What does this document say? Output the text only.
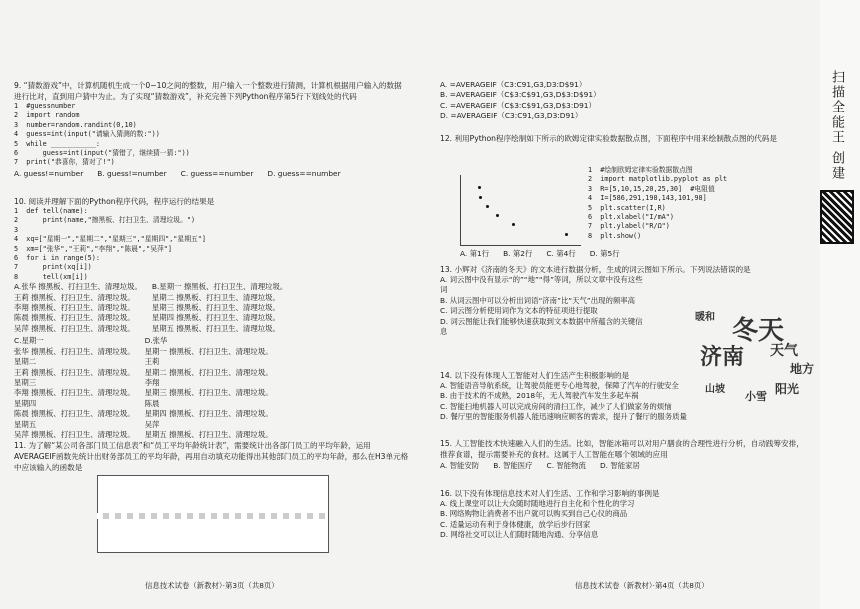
9. “猜数游戏”中，计算机随机生成一个0~10之间的整数，用户输入一个整数进行猜测，计算机根据用户输入的数据进行比对，直到用户猜中为止。为了实现“猜数游戏”，补充完善下列Python程序第5行下划线处的代码
1  #guessnumber
2  import random
3  number=random.randint(0,10)
4  guess=int(input("请输入猜测的数:"))
5  while ___________:
6      guess=int(input("猜错了，继续猜一猜:"))
7  print("恭喜你，猜对了!")
A. guess!=number B. guess!=number C. guess==number D. guess==number
10. 阅读并理解下面的Python程序代码，程序运行的结果是
1  def tell(name):
2      print(name,"擦黑板、打扫卫生、清理垃圾。")
3
4  xq=["星期一","星期二","星期三","星期四","星期五"]
5  xm=["张华","王莉","李翔","陈晨","吴萍"]
6  for i in range(5):
7      print(xq[i])
8      tell(xm[i])
A.张华 擦黑板、打扫卫生、清理垃圾。
王莉 擦黑板、打扫卫生、清理垃圾。
李翔 擦黑板、打扫卫生、清理垃圾。
陈晨 擦黑板、打扫卫生、清理垃圾。
吴萍 擦黑板、打扫卫生、清理垃圾。
B.星期一 擦黑板、打扫卫生、清理垃圾。
星期二 擦黑板、打扫卫生、清理垃圾。
星期三 擦黑板、打扫卫生、清理垃圾。
星期四 擦黑板、打扫卫生、清理垃圾。
星期五 擦黑板、打扫卫生、清理垃圾。
C.星期一
张华 擦黑板、打扫卫生、清理垃圾。
星期二
王莉 擦黑板、打扫卫生、清理垃圾。
星期三
李翔 擦黑板、打扫卫生、清理垃圾。
星期四
陈晨 擦黑板、打扫卫生、清理垃圾。
星期五
吴萍 擦黑板、打扫卫生、清理垃圾。
D.张华
星期一 擦黑板、打扫卫生、清理垃圾。
王莉
星期二 擦黑板、打扫卫生、清理垃圾。
李翔
星期三 擦黑板、打扫卫生、清理垃圾。
陈晨
星期四 擦黑板、打扫卫生、清理垃圾。
吴萍
星期五 擦黑板、打扫卫生、清理垃圾。
11. 为了解“某公司各部门员工信息表”和“员工平均年龄统计表”，需要统计出各部门员工的平均年龄，运用AVERAGEIF函数先统计出财务部员工的平均年龄，再用自动填充功能得出其他部门员工的平均年龄，那么在H3单元格中应该输入的函数是
信息技术试卷（新教材）·第3页（共8页）
A. =AVERAGEIF（C3:C91,G3,D3:D$91）
B. =AVERAGEIF（C$3:C$91,G3,D$3:D$91）
C. =AVERAGEIF（C$3:C$91,G3,D$3:D91）
D. =AVERAGEIF（C3:C91,G3,D3:D91）
12. 利用Python程序绘制如下所示的欧姆定律实验数据散点图，下面程序中用来绘制散点图的代码是
1  #绘制欧姆定律实验数据散点图
2  import matplotlib.pyplot as plt
3  R=[5,10,15,20,25,30]  #电阻值
4  I=[586,291,198,143,101,98]
5  plt.scatter(I,R)
6  plt.xlabel("I/mA")
7  plt.ylabel("R/Ω")
8  plt.show()
A. 第1行 B. 第2行 C. 第4行 D. 第5行
13. 小辉对《济南的冬天》的文本进行数据分析，生成的词云图如下所示。下列说法错误的是
A. 词云图中没有显示“的”“地”“得”等词，所以文章中没有这些词
B. 从词云图中可以分析出词语“济南”比“天气”出现的频率高
C. 词云图分析使用词作为文本的特征项进行提取
D. 词云图能让我们能够快速获取到文本数据中所蕴含的关键信息	冬天
济南 天气
阳光
地方
小雪
暖和
山坡
14. 以下没有体现人工智能对人们生活产生积极影响的是
A. 智能语音导航系统，让驾驶员能更专心地驾驶，保障了汽车的行驶安全
B. 由于技术的不成熟，2018年，无人驾驶汽车发生多起车祸
C. 智能扫地机器人可以完成房间的清扫工作，减少了人们做家务的烦恼
D. 餐厅里的智能服务机器人能迅速响应顾客的需求，提升了餐厅的服务质量
15. 人工智能技术快速融入人们的生活。比如，智能冰箱可以对用户膳食的合理性进行分析，自动践筹安排，推荐食谱，提示需要补充的食材。这属于人工智能在哪个领域的应用
A. 智能安防 B. 智能医疗 C. 智能物流 D. 智能家居
16. 以下没有体现信息技术对人们生活、工作和学习影响的事例是
A. 线上课堂可以让大众随时随地进行自主化和个性化的学习
B. 网络购物让消费者不出户就可以购买到自己心仪的商品
C. 适量运动有利于身体健康，放学后步行回家
D. 网络社交可以让人们随时随地沟通、分享信息
信息技术试卷（新教材）·第4页（共8页）
扫描全能王 创建
